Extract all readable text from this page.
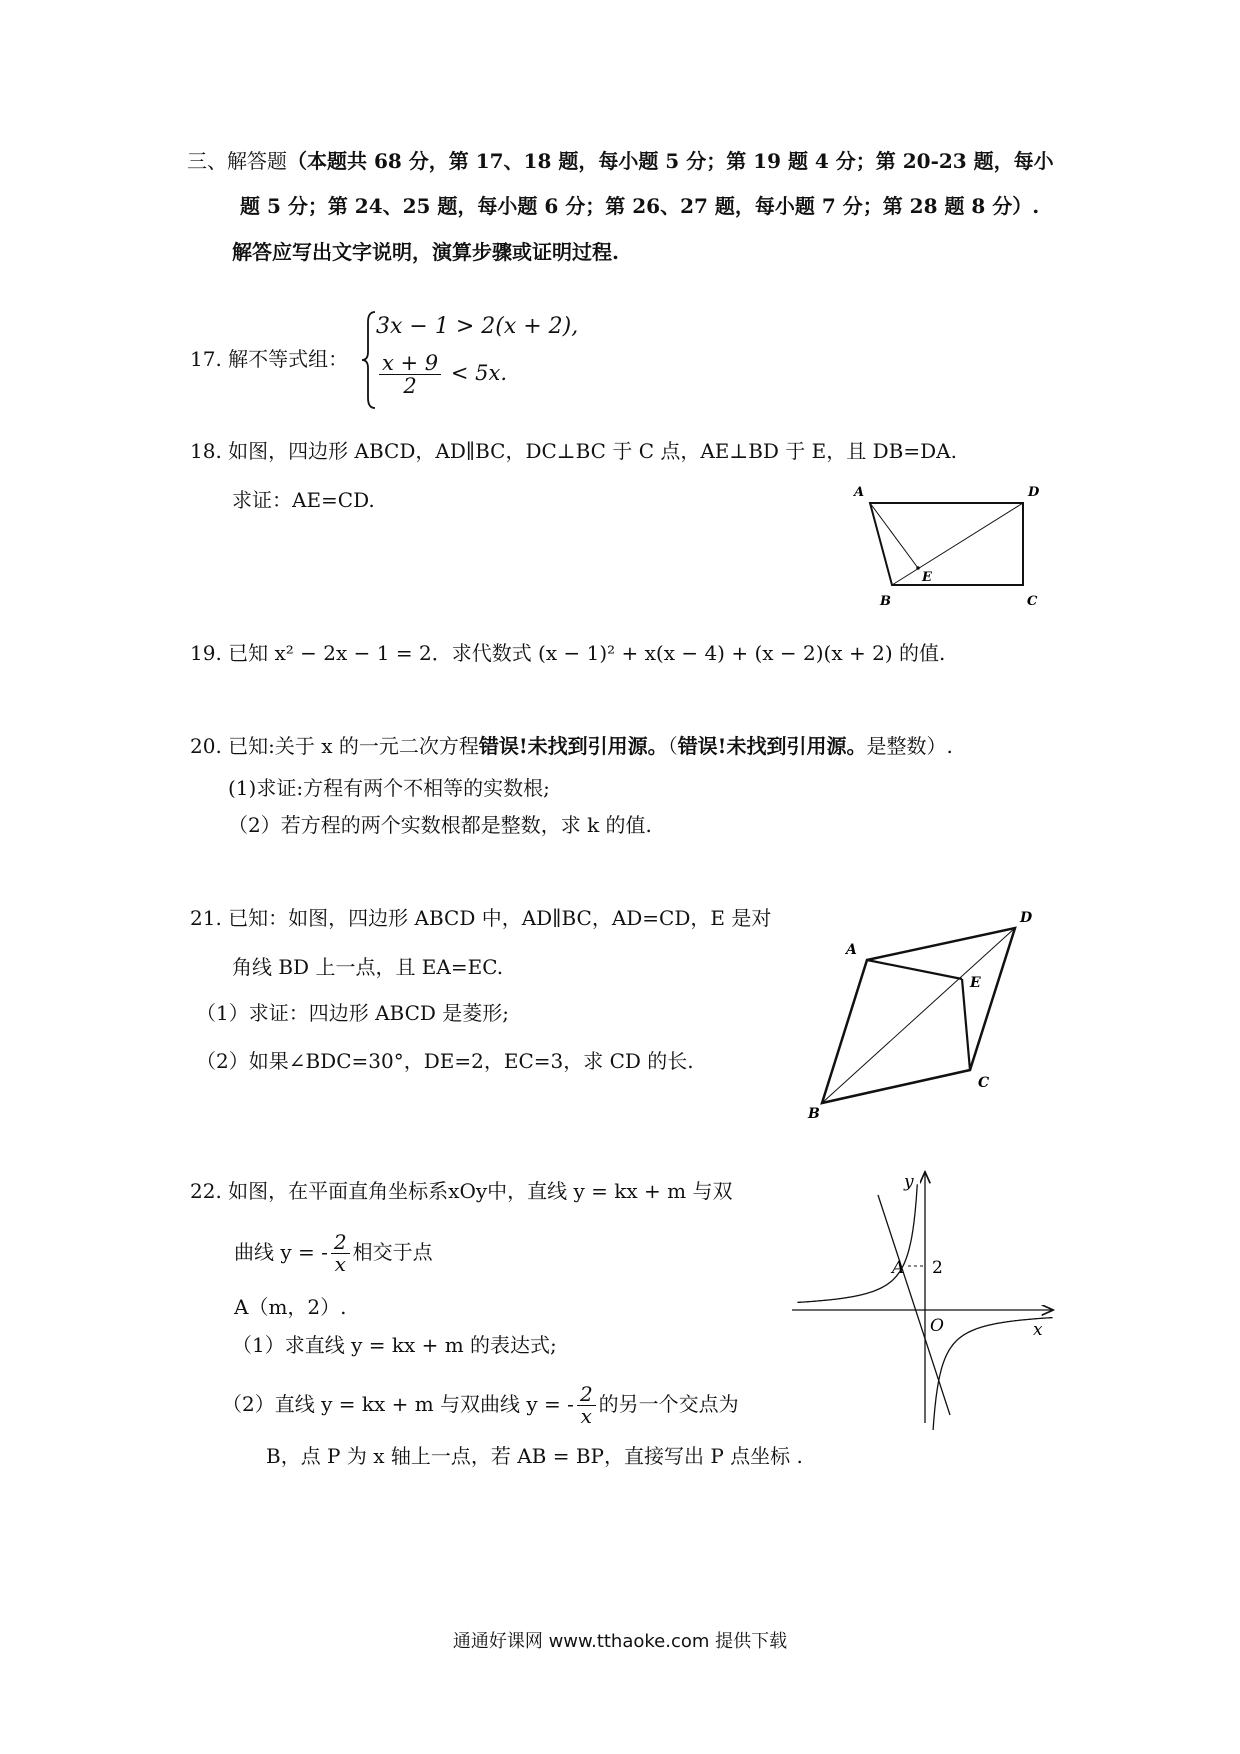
三、解答题（本题共 68 分，第 17、18 题，每小题 5 分；第 19 题 4 分；第 20-23 题，每小
题 5 分；第 24、25 题，每小题 6 分；第 26、27 题，每小题 7 分；第 28 题 8 分）.
解答应写出文字说明，演算步骤或证明过程.
17. 解不等式组：
3x − 1 > 2(x + 2),
$\frac{x + 9}{2} < 5x$.
18. 如图，四边形 ABCD，AD∥BC，DC⊥BC 于 C 点，AE⊥BD 于 E，且 DB=DA.
求证：AE=CD.	A	D
B	C
E
19. 已知 x² − 2x − 1 = 2．求代数式 (x − 1)² + x(x − 4) + (x − 2)(x + 2) 的值.
20. 已知:关于 x 的一元二次方程错误!未找到引用源。（错误!未找到引用源。是整数）.
(1)求证:方程有两个不相等的实数根;
（2）若方程的两个实数根都是整数，求 k 的值.
21. 已知：如图，四边形 ABCD 中，AD∥BC，AD=CD，E 是对
角线 BD 上一点，且 EA=EC.
（1）求证：四边形 ABCD 是菱形;
（2）如果∠BDC=30°，DE=2，EC=3，求 CD 的长.
A
D
E
C
B
22. 如图，在平面直角坐标系xOy中，直线 y = kx + m 与双
曲线 y = - $\frac{2}{x}$ 相交于点
A（m，2）.
（1）求直线 y = kx + m 的表达式;
（2）直线 y = kx + m 与双曲线 y = - $\frac{2}{x}$ 的另一个交点为
B，点 P 为 x 轴上一点，若 AB = BP，直接写出 P 点坐标 .
2
A
O	x
y
通通好课网 www.tthaoke.com 提供下载
